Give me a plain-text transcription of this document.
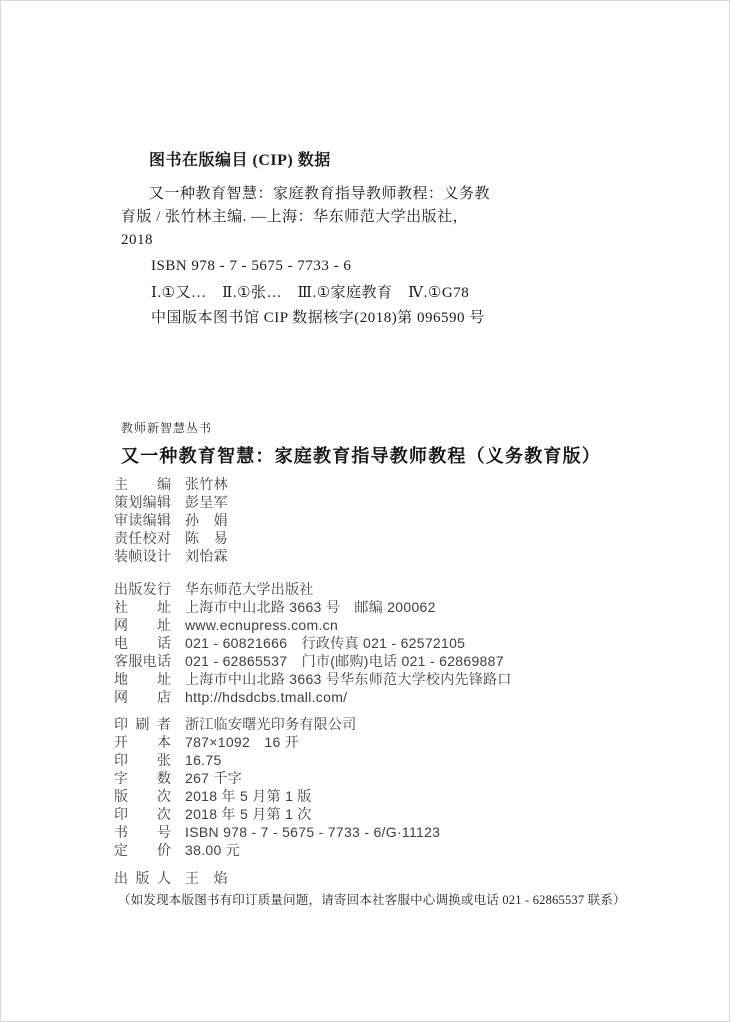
图书在版编目 (CIP) 数据
又一种教育智慧：家庭教育指导教师教程：义务教
育版 / 张竹林主编. —上海：华东师范大学出版社，
2018
ISBN 978 - 7 - 5675 - 7733 - 6
Ⅰ.①又…　Ⅱ.①张…　Ⅲ.①家庭教育　Ⅳ.①G78
中国版本图书馆 CIP 数据核字(2018)第 096590 号
教师新智慧丛书
又一种教育智慧：家庭教育指导教师教程（义务教育版）
主编 张竹林
策划编辑 彭呈军
审读编辑 孙　娟
责任校对 陈　易
装帧设计 刘怡霖
出版发行 华东师范大学出版社
社址 上海市中山北路 3663 号　邮编 200062
网址 www.ecnupress.com.cn
电话 021 - 60821666　行政传真 021 - 62572105
客服电话 021 - 62865537　门市(邮购)电话 021 - 62869887
地址 上海市中山北路 3663 号华东师范大学校内先锋路口
网店 http://hdsdcbs.tmall.com/
印刷者 浙江临安曙光印务有限公司
开本 787×1092　16 开
印张 16.75
字数 267 千字
版次 2018 年 5 月第 1 版
印次 2018 年 5 月第 1 次
书号 ISBN 978 - 7 - 5675 - 7733 - 6/G·11123
定价 38.00 元
出版人 王　焰
（如发现本版图书有印订质量问题，请寄回本社客服中心调换或电话 021 - 62865537 联系）
